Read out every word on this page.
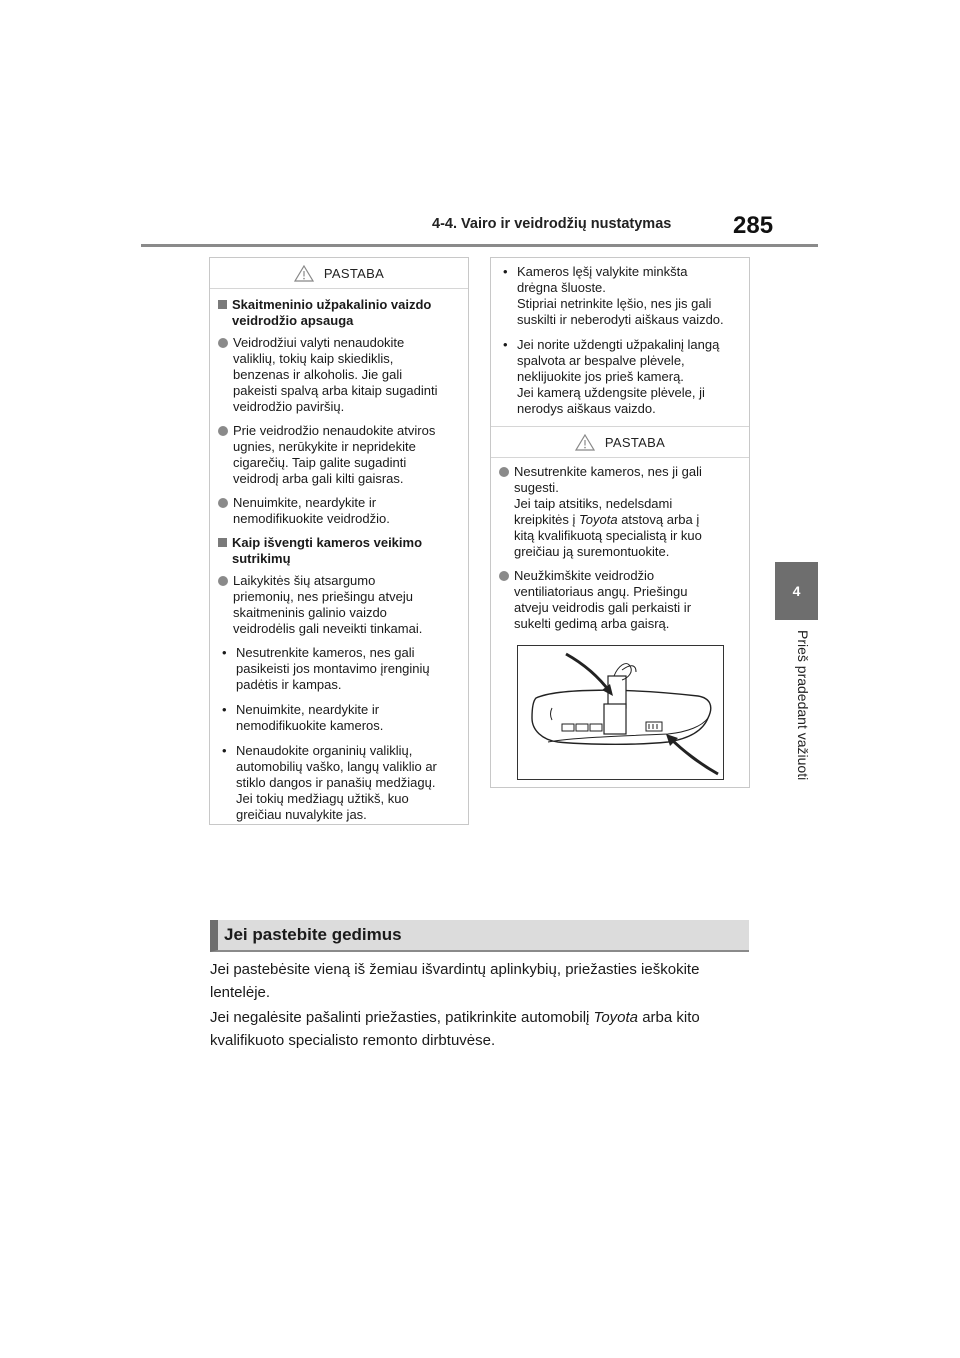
4-4. Vairo ir veidrodžių nustatymas	285
4
Prieš pradedant važiuoti
PASTABA
Skaitmeninio užpakalinio vaizdo
veidrodžio apsauga
Veidrodžiui valyti nenaudokite
valiklių, tokių kaip skiediklis,
benzenas ir alkoholis. Jie gali
pakeisti spalvą arba kitaip sugadinti
veidrodžio paviršių.
Prie veidrodžio nenaudokite atviros
ugnies, nerūkykite ir nepridekite
cigarečių. Taip galite sugadinti
veidrodį arba gali kilti gaisras.
Nenuimkite, neardykite ir
nemodifikuokite veidrodžio.
Kaip išvengti kameros veikimo
sutrikimų
Laikykitės šių atsargumo
priemonių, nes priešingu atveju
skaitmeninis galinio vaizdo
veidrodėlis gali neveikti tinkamai.
• Nesutrenkite kameros, nes gali
pasikeisti jos montavimo įrenginių
padėtis ir kampas.
• Nenuimkite, neardykite ir
nemodifikuokite kameros.
• Nenaudokite organinių valiklių,
automobilių vaško, langų valiklio ar
stiklo dangos ir panašių medžiagų.
Jei tokių medžiagų užtikš, kuo
greičiau nuvalykite jas.
• Kameros lęšį valykite minkšta
drėgna šluoste.
Stipriai netrinkite lęšio, nes jis gali
suskilti ir neberodyti aiškaus vaizdo.
• Jei norite uždengti užpakalinį langą
spalvota ar bespalve plėvele,
neklijuokite jos prieš kamerą.
Jei kamerą uždengsite plėvele, ji
nerodys aiškaus vaizdo.
PASTABA
Nesutrenkite kameros, nes ji gali
sugesti.
Jei taip atsitiks, nedelsdami
kreipkitės į Toyota atstovą arba į
kitą kvalifikuotą specialistą ir kuo
greičiau ją suremontuokite.
Neužkimškite veidrodžio
ventiliatoriaus angų. Priešingu
atveju veidrodis gali perkaisti ir
sukelti gedimą arba gaisrą.
Jei pastebite gedimus
Jei pastebėsite vieną iš žemiau išvardintų aplinkybių, priežasties ieškokite lentelėje.
Jei negalėsite pašalinti priežasties, patikrinkite automobilį Toyota arba kito kvalifikuoto specialisto remonto dirbtuvėse.
